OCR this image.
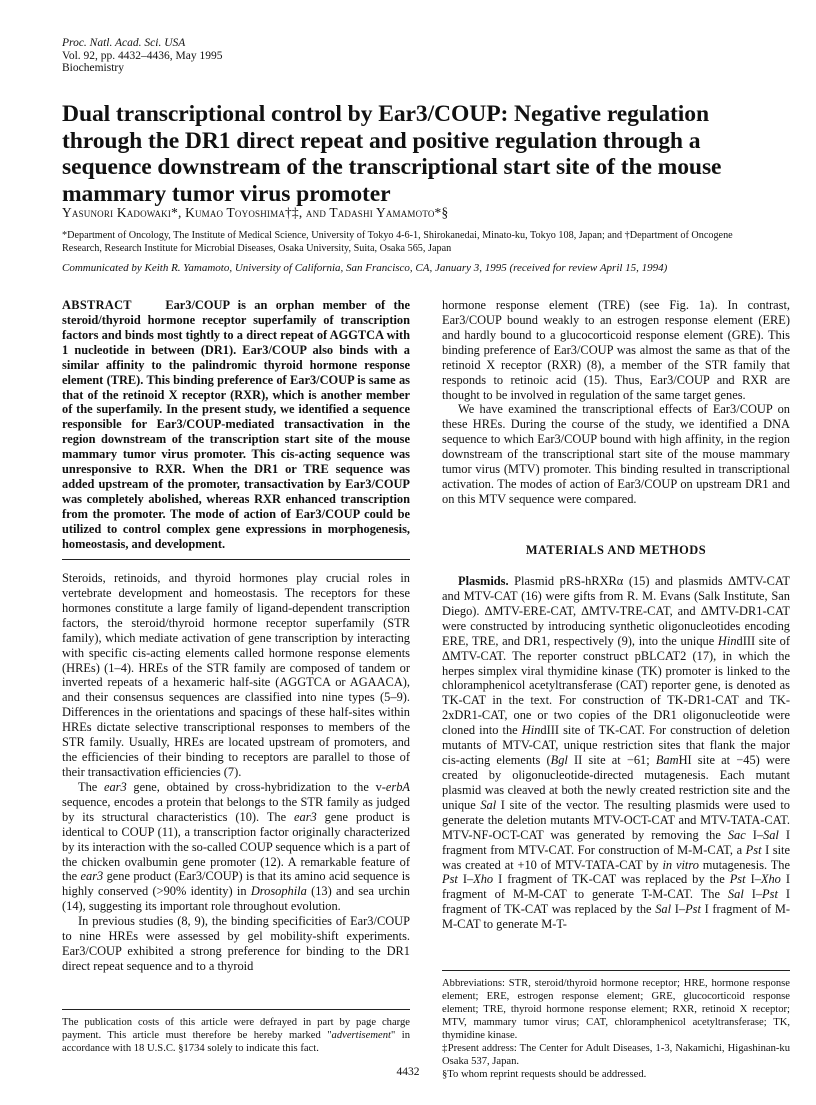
Proc. Natl. Acad. Sci. USA
Vol. 92, pp. 4432–4436, May 1995
Biochemistry
Dual transcriptional control by Ear3/COUP: Negative regulation through the DR1 direct repeat and positive regulation through a sequence downstream of the transcriptional start site of the mouse mammary tumor virus promoter
Yasunori Kadowaki*, Kumao Toyoshima†‡, and Tadashi Yamamoto*§
*Department of Oncology, The Institute of Medical Science, University of Tokyo 4-6-1, Shirokanedai, Minato-ku, Tokyo 108, Japan; and †Department of Oncogene Research, Research Institute for Microbial Diseases, Osaka University, Suita, Osaka 565, Japan
Communicated by Keith R. Yamamoto, University of California, San Francisco, CA, January 3, 1995 (received for review April 15, 1994)

ABSTRACT	Ear3/COUP is an orphan member of the steroid/thyroid hormone receptor superfamily of transcription factors and binds most tightly to a direct repeat of AGGTCA with 1 nucleotide in between (DR1). Ear3/COUP also binds with a similar affinity to the palindromic thyroid hormone response element (TRE). This binding preference of Ear3/COUP is same as that of the retinoid X receptor (RXR), which is another member of the superfamily. In the present study, we identified a sequence responsible for Ear3/COUP-mediated transactivation in the region downstream of the transcription start site of the mouse mammary tumor virus promoter. This cis-acting sequence was unresponsive to RXR. When the DR1 or TRE sequence was added upstream of the promoter, transactivation by Ear3/COUP was completely abolished, whereas RXR enhanced transcription from the promoter. The mode of action of Ear3/COUP could be utilized to control complex gene expressions in morphogenesis, homeostasis, and development.

Steroids, retinoids, and thyroid hormones play crucial roles in vertebrate development and homeostasis. The receptors for these hormones constitute a large family of ligand-dependent transcription factors, the steroid/thyroid hormone receptor superfamily (STR family), which mediate activation of gene transcription by interacting with specific cis-acting elements called hormone response elements (HREs) (1–4). HREs of the STR family are composed of tandem or inverted repeats of a hexameric half-site (AGGTCA or AGAACA), and their consensus sequences are classified into nine types (5–9). Differences in the orientations and spacings of these half-sites within HREs dictate selective transcriptional responses to members of the STR family. Usually, HREs are located upstream of promoters, and the efficiencies of their binding to receptors are parallel to those of their transactivation efficiencies (7).

The ear3 gene, obtained by cross-hybridization to the v-erbA sequence, encodes a protein that belongs to the STR family as judged by its structural characteristics (10). The ear3 gene product is identical to COUP (11), a transcription factor originally characterized by its interaction with the so-called COUP sequence which is a part of the chicken ovalbumin gene promoter (12). A remarkable feature of the ear3 gene product (Ear3/COUP) is that its amino acid sequence is highly conserved (>90% identity) in Drosophila (13) and sea urchin (14), suggesting its important role throughout evolution.

In previous studies (8, 9), the binding specificities of Ear3/COUP to nine HREs were assessed by gel mobility-shift experiments. Ear3/COUP exhibited a strong preference for binding to the DR1 direct repeat sequence and to a thyroid

The publication costs of this article were defrayed in part by page charge payment. This article must therefore be hereby marked "advertisement" in accordance with 18 U.S.C. §1734 solely to indicate this fact.

hormone response element (TRE) (see Fig. 1a). In contrast, Ear3/COUP bound weakly to an estrogen response element (ERE) and hardly bound to a glucocorticoid response element (GRE). This binding preference of Ear3/COUP was almost the same as that of the retinoid X receptor (RXR) (8), a member of the STR family that responds to retinoic acid (15). Thus, Ear3/COUP and RXR are thought to be involved in regulation of the same target genes.

We have examined the transcriptional effects of Ear3/COUP on these HREs. During the course of the study, we identified a DNA sequence to which Ear3/COUP bound with high affinity, in the region downstream of the transcriptional start site of the mouse mammary tumor virus (MTV) promoter. This binding resulted in transcriptional activation. The modes of action of Ear3/COUP on upstream DR1 and on this MTV sequence were compared.

MATERIALS AND METHODS

Plasmids. Plasmid pRS-hRXRα (15) and plasmids ΔMTV-CAT and MTV-CAT (16) were gifts from R. M. Evans (Salk Institute, San Diego). ΔMTV-ERE-CAT, ΔMTV-TRE-CAT, and ΔMTV-DR1-CAT were constructed by introducing synthetic oligonucleotides encoding ERE, TRE, and DR1, respectively (9), into the unique HindIII site of ΔMTV-CAT. The reporter construct pBLCAT2 (17), in which the herpes simplex viral thymidine kinase (TK) promoter is linked to the chloramphenicol acetyltransferase (CAT) reporter gene, is denoted as TK-CAT in the text. For construction of TK-DR1-CAT and TK-2xDR1-CAT, one or two copies of the DR1 oligonucleotide were cloned into the HindIII site of TK-CAT. For construction of deletion mutants of MTV-CAT, unique restriction sites that flank the major cis-acting elements (Bgl II site at −61; BamHI site at −45) were created by oligonucleotide-directed mutagenesis. Each mutant plasmid was cleaved at both the newly created restriction site and the unique Sal I site of the vector. The resulting plasmids were used to generate the deletion mutants MTV-OCT-CAT and MTV-TATA-CAT. MTV-NF-OCT-CAT was generated by removing the Sac I–Sal I fragment from MTV-CAT. For construction of M-M-CAT, a Pst I site was created at +10 of MTV-TATA-CAT by in vitro mutagenesis. The Pst I–Xho I fragment of TK-CAT was replaced by the Pst I–Xho I fragment of M-M-CAT to generate T-M-CAT. The Sal I–Pst I fragment of TK-CAT was replaced by the Sal I–Pst I fragment of M-M-CAT to generate M-T-

Abbreviations: STR, steroid/thyroid hormone receptor; HRE, hormone response element; ERE, estrogen response element; GRE, glucocorticoid response element; TRE, thyroid hormone response element; RXR, retinoid X receptor; MTV, mammary tumor virus; CAT, chloramphenicol acetyltransferase; TK, thymidine kinase.

‡Present address: The Center for Adult Diseases, 1-3, Nakamichi, Higashinan-ku Osaka 537, Japan.

§To whom reprint requests should be addressed.

4432
